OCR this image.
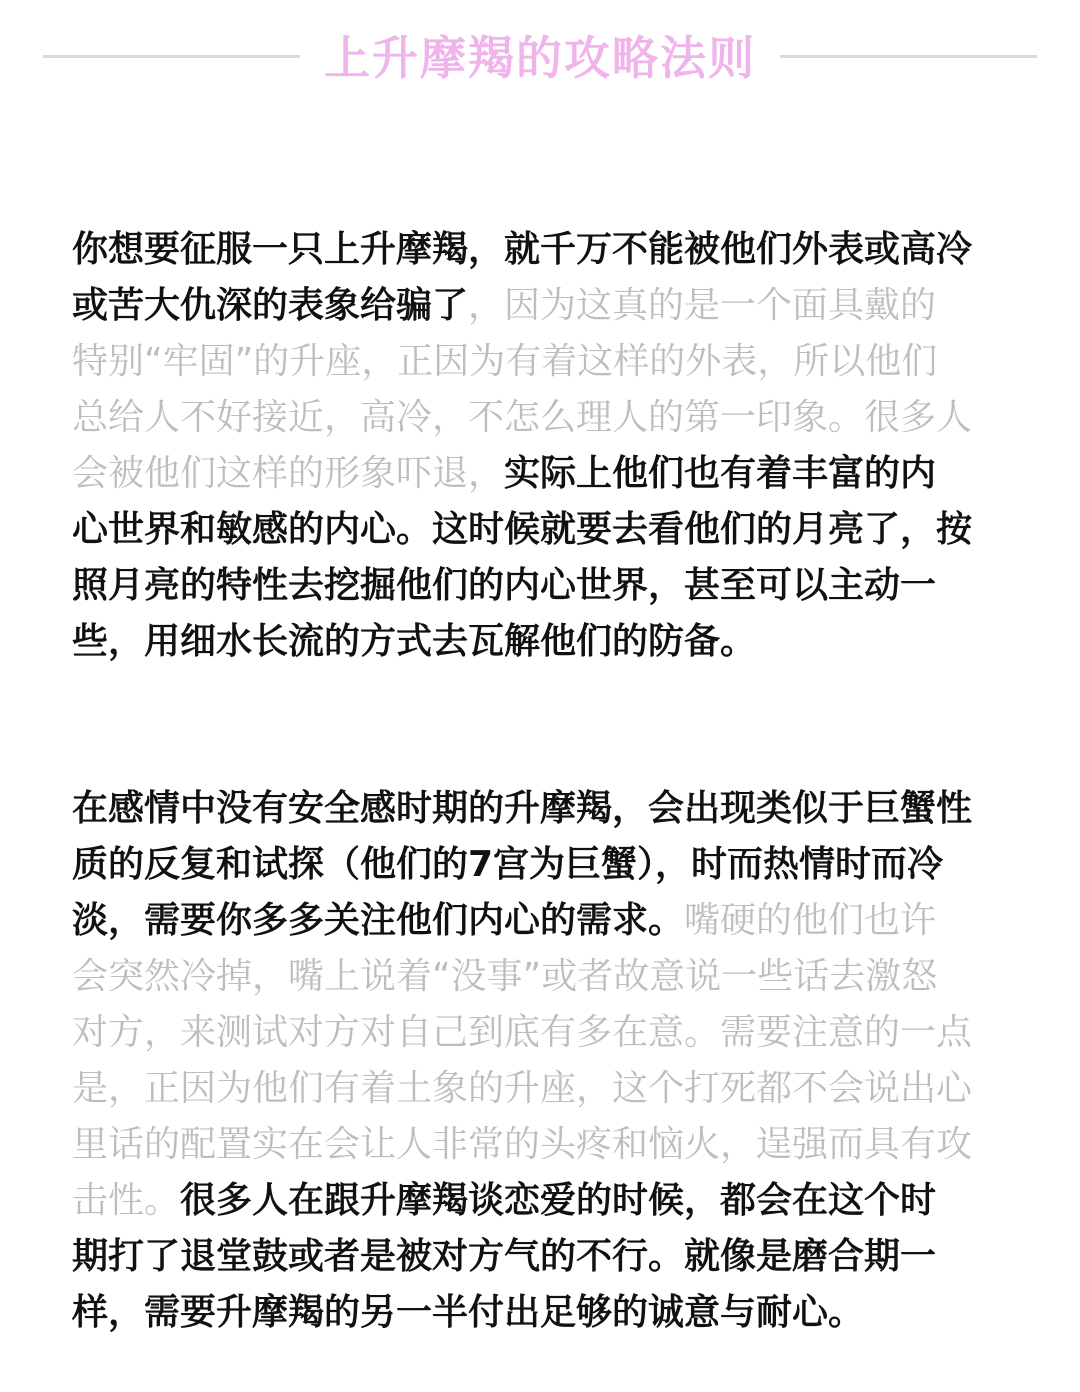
上升摩羯的攻略法则

你想要征服一只上升摩羯，就千万不能被他们外表或高冷或苦大仇深的表象给骗了，因为这真的是一个面具戴的特别“牢固”的升座，正因为有着这样的外表，所以他们总给人不好接近，高冷，不怎么理人的第一印象。很多人会被他们这样的形象吓退，实际上他们也有着丰富的内心世界和敏感的内心。这时候就要去看他们的月亮了，按照月亮的特性去挖掘他们的内心世界，甚至可以主动一些，用细水长流的方式去瓦解他们的防备。

在感情中没有安全感时期的升摩羯，会出现类似于巨蟹性质的反复和试探（他们的7宫为巨蟹），时而热情时而冷淡，需要你多多关注他们内心的需求。嘴硬的他们也许会突然冷掉，嘴上说着“没事”或者故意说一些话去激怒对方，来测试对方对自己到底有多在意。需要注意的一点是，正因为他们有着土象的升座，这个打死都不会说出心里话的配置实在会让人非常的头疼和恼火，逞强而具有攻击性。很多人在跟升摩羯谈恋爱的时候，都会在这个时期打了退堂鼓或者是被对方气的不行。就像是磨合期一样，需要升摩羯的另一半付出足够的诚意与耐心。
